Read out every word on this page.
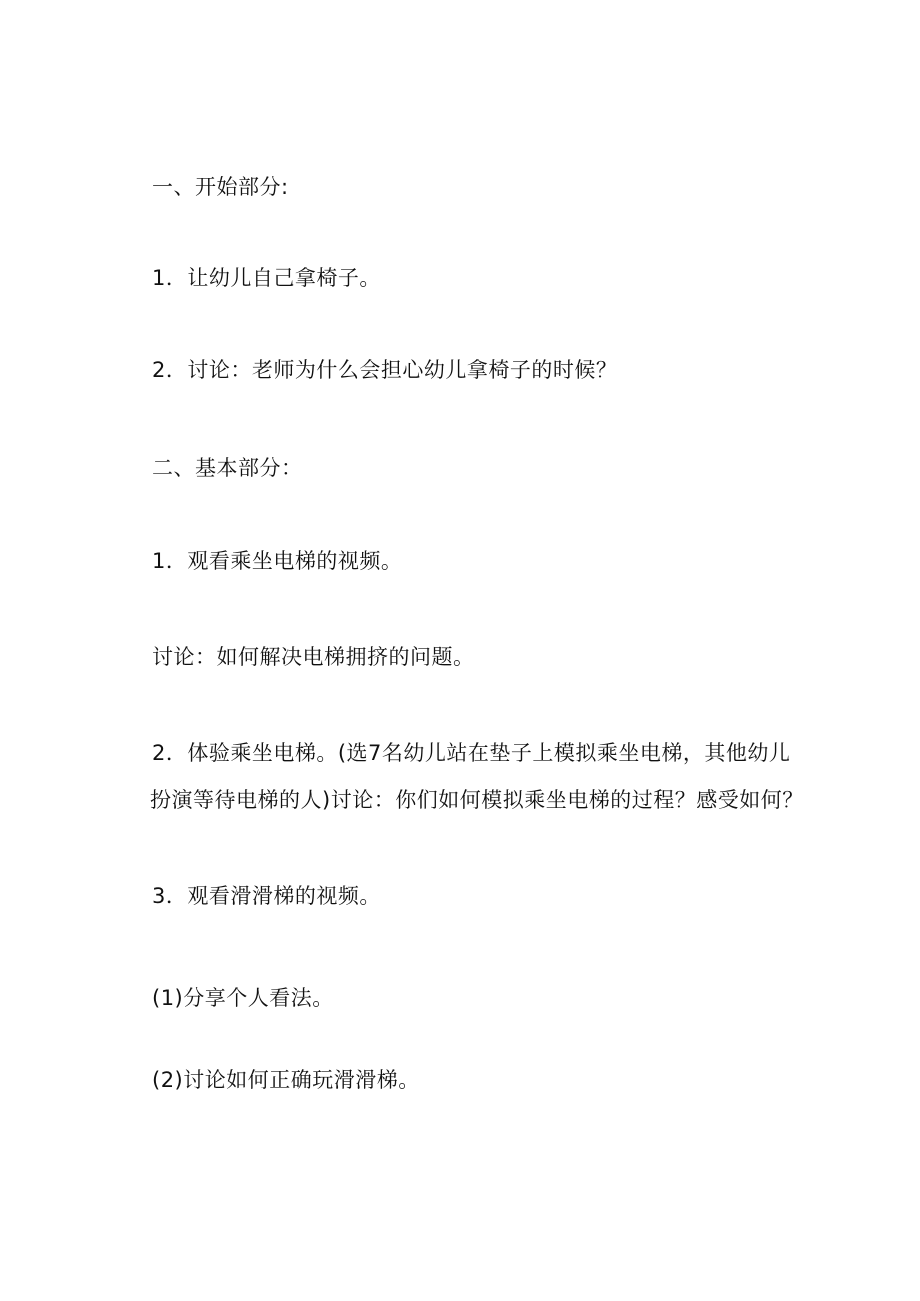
一、开始部分:
1．让幼儿自己拿椅子。
2．讨论：老师为什么会担心幼儿拿椅子的时候？
二、基本部分：
1．观看乘坐电梯的视频。
讨论：如何解决电梯拥挤的问题。
2．体验乘坐电梯。(选7名幼儿站在垫子上模拟乘坐电梯，其他幼儿
扮演等待电梯的人)讨论：你们如何模拟乘坐电梯的过程？感受如何？
3．观看滑滑梯的视频。
(1)分享个人看法。
(2)讨论如何正确玩滑滑梯。
